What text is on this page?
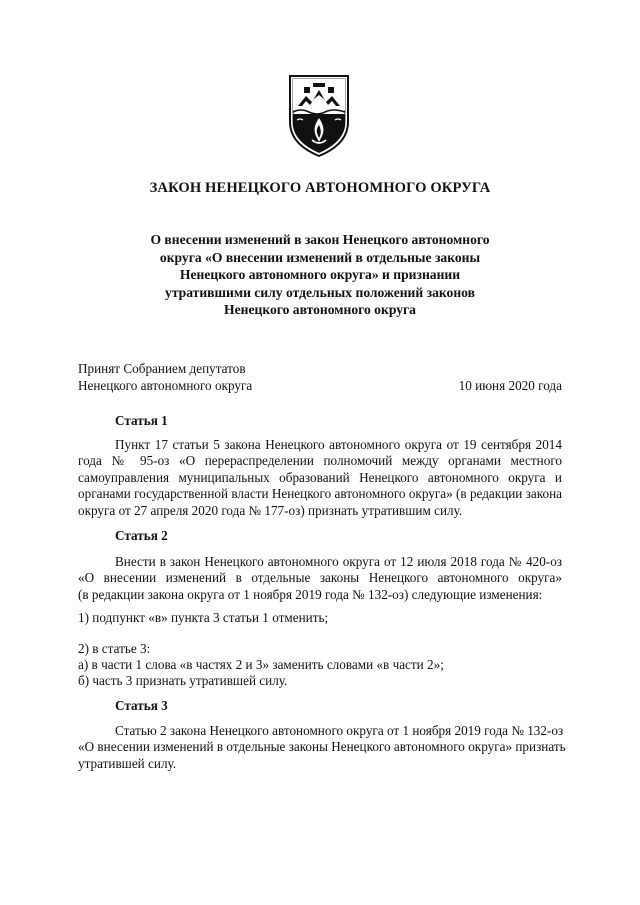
ЗАКОН НЕНЕЦКОГО АВТОНОМНОГО ОКРУГА
О внесении изменений в закон Ненецкого автономного
округа «О внесении изменений в отдельные законы
Ненецкого автономного округа» и признании
утратившими силу отдельных положений законов
Ненецкого автономного округа
Принят Собранием депутатов
Ненецкого автономного округа	10 июня 2020 года
Статья 1
Пункт 17 статьи 5 закона Ненецкого автономного округа от 19 сентября 2014
года № 95-оз «О перераспределении полномочий между органами местного
самоуправления муниципальных образований Ненецкого автономного округа и
органами государственной власти Ненецкого автономного округа» (в редакции закона
округа от 27 апреля 2020 года № 177-оз) признать утратившим силу.
Статья 2
Внести в закон Ненецкого автономного округа от 12 июля 2018 года № 420-оз
«О внесении изменений в отдельные законы Ненецкого автономного округа»
(в редакции закона округа от 1 ноября 2019 года № 132-оз) следующие изменения:
1) подпункт «в» пункта 3 статьи 1 отменить;
2) в статье 3:
а) в части 1 слова «в частях 2 и 3» заменить словами «в части 2»;
б) часть 3 признать утратившей силу.
Статья 3
Статью 2 закона Ненецкого автономного округа от 1 ноября 2019 года № 132-оз
«О внесении изменений в отдельные законы Ненецкого автономного округа» признать
утратившей силу.
